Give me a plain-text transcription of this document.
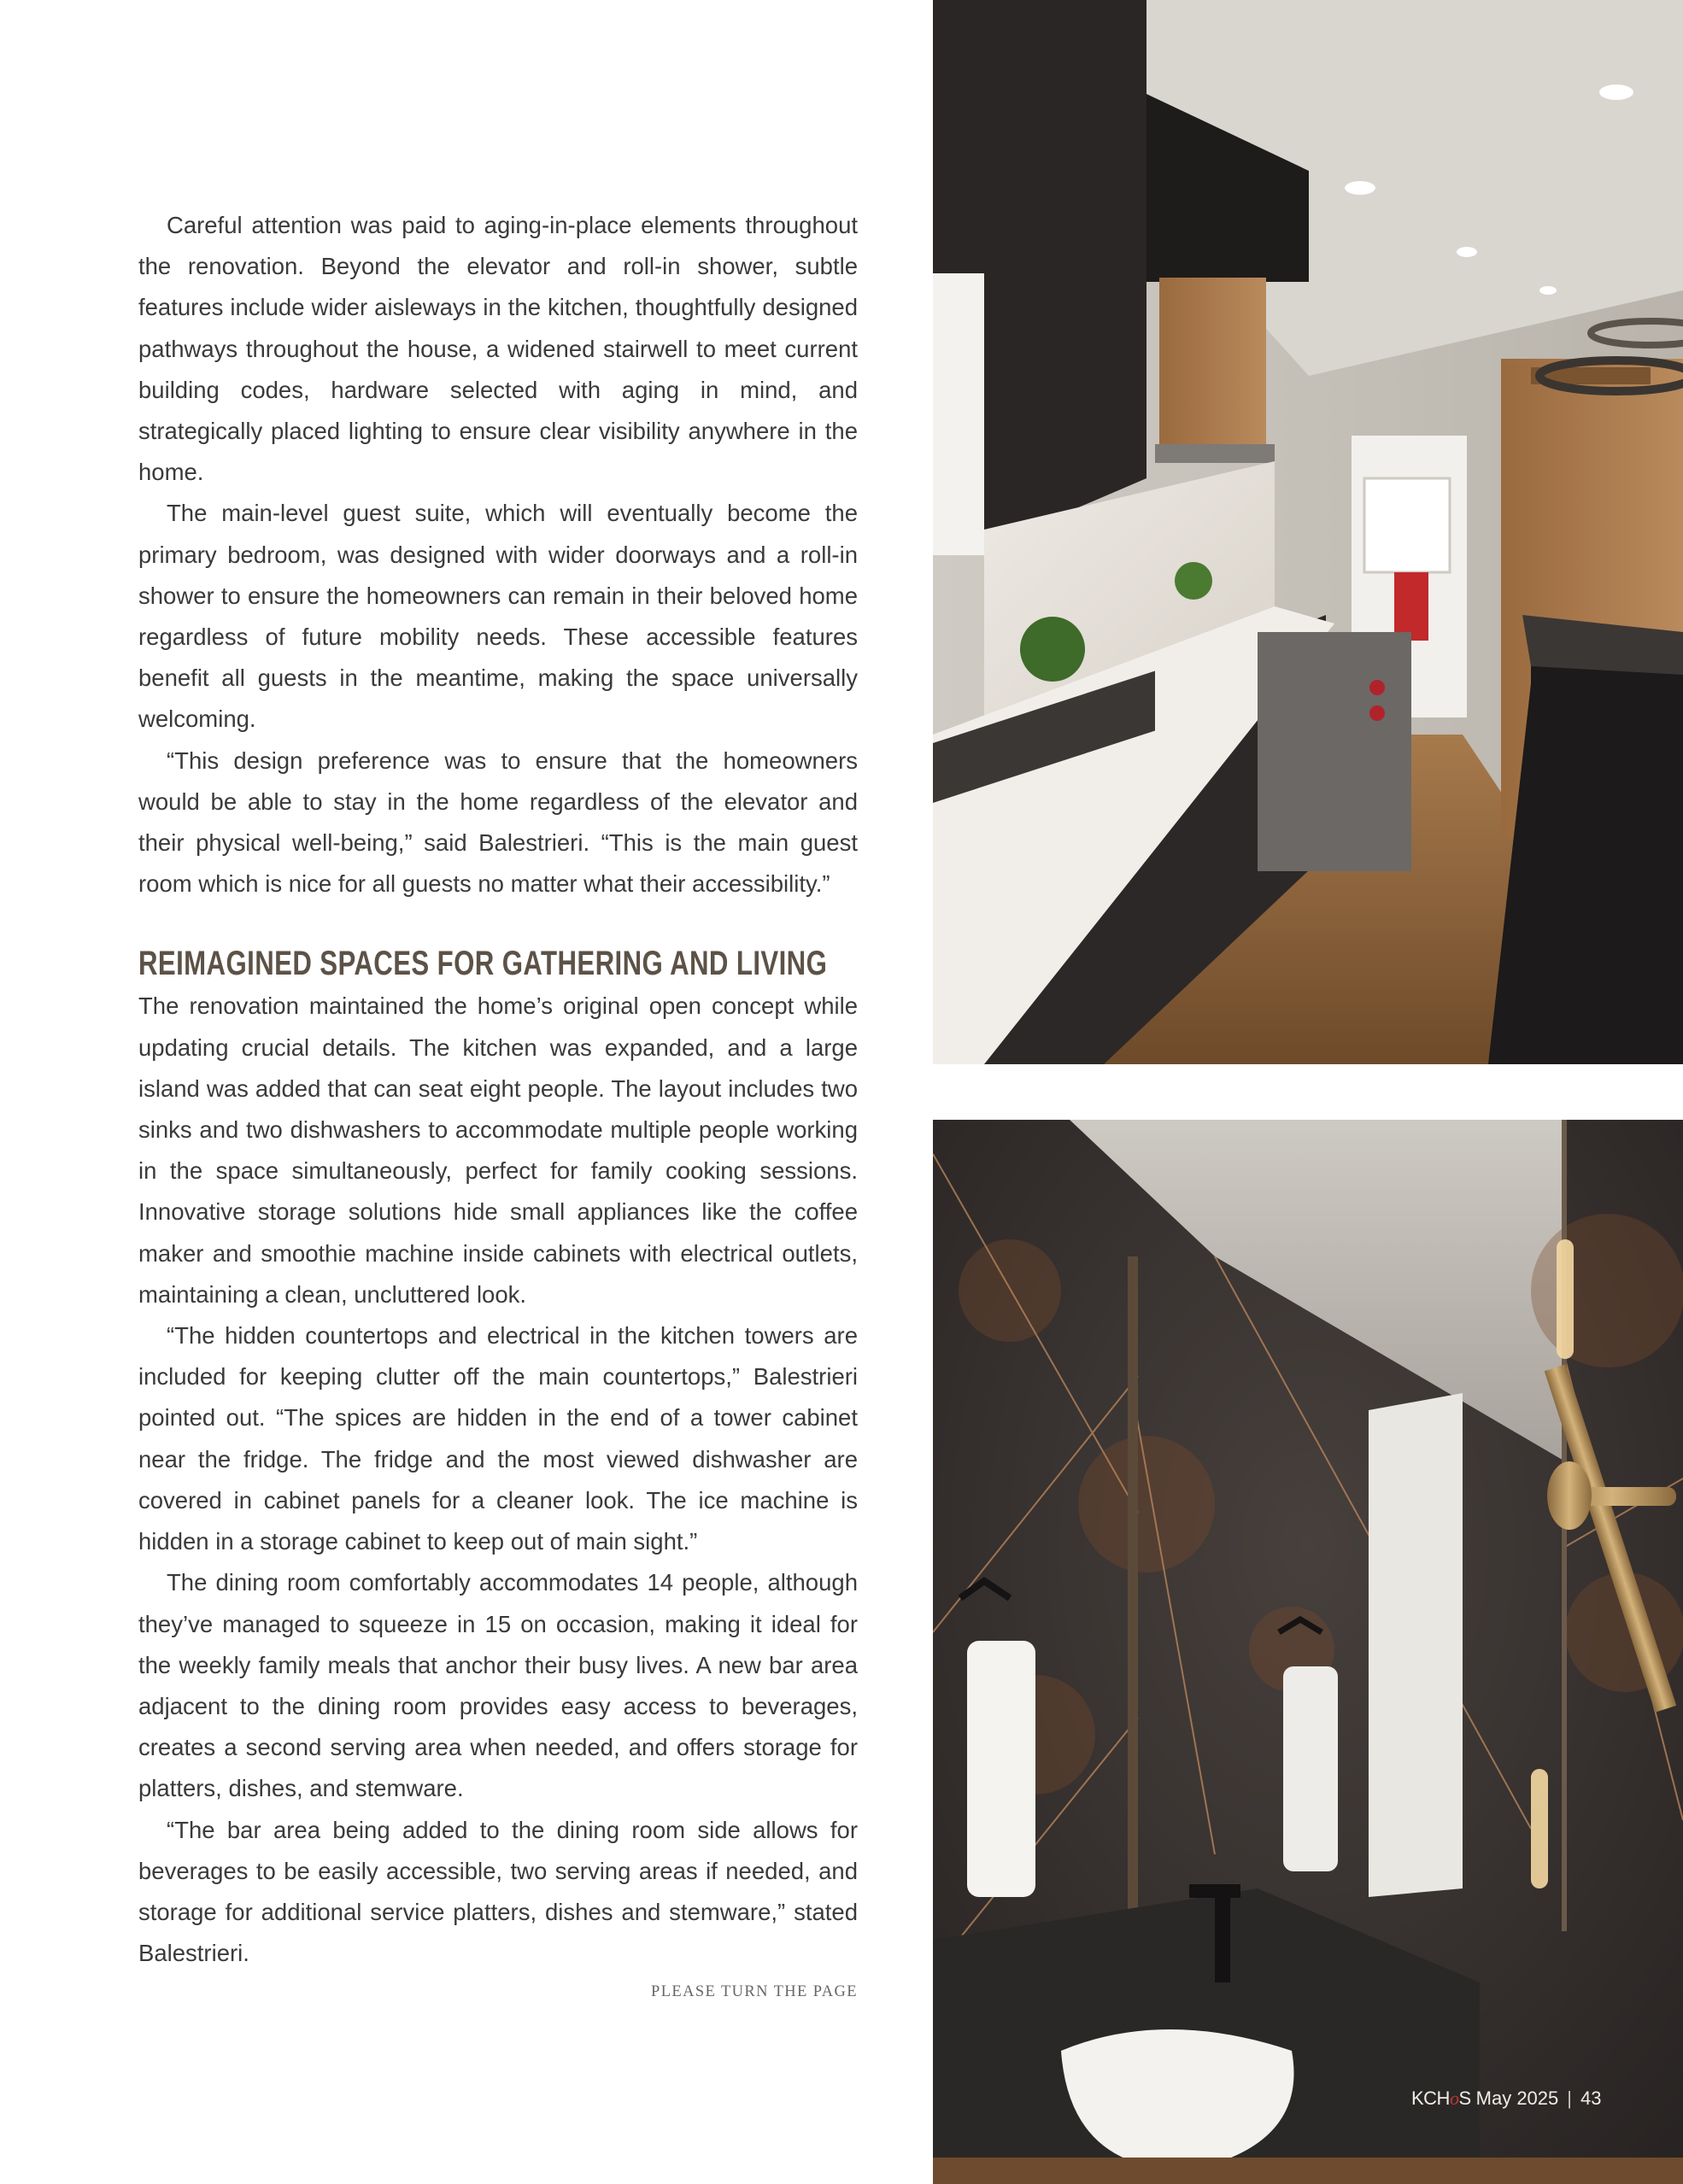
Careful attention was paid to aging-in-place elements throughout the renovation. Beyond the elevator and roll-in shower, subtle features include wider aisleways in the kitchen, thoughtfully designed pathways throughout the house, a widened stairwell to meet current building codes, hardware selected with aging in mind, and strategically placed lighting to ensure clear visibility anywhere in the home.

The main-level guest suite, which will eventually become the primary bedroom, was designed with wider doorways and a roll-in shower to ensure the homeowners can remain in their beloved home regardless of future mobility needs. These accessible features benefit all guests in the meantime, making the space universally welcoming.

“This design preference was to ensure that the homeowners would be able to stay in the home regardless of the elevator and their physical well-being,” said Balestrieri. “This is the main guest room which is nice for all guests no matter what their accessibility.”

REIMAGINED SPACES FOR GATHERING AND LIVING

The renovation maintained the home’s original open concept while updating crucial details. The kitchen was expanded, and a large island was added that can seat eight people. The layout includes two sinks and two dishwashers to accommodate multiple people working in the space simultaneously, perfect for family cooking sessions. Innovative storage solutions hide small appliances like the coffee maker and smoothie machine inside cabinets with electrical outlets, maintaining a clean, uncluttered look.

“The hidden countertops and electrical in the kitchen towers are included for keeping clutter off the main countertops,” Balestrieri pointed out. “The spices are hidden in the end of a tower cabinet near the fridge. The fridge and the most viewed dishwasher are covered in cabinet panels for a cleaner look. The ice machine is hidden in a storage cabinet to keep out of main sight.”

The dining room comfortably accommodates 14 people, although they’ve managed to squeeze in 15 on occasion, making it ideal for the weekly family meals that anchor their busy lives. A new bar area adjacent to the dining room provides easy access to beverages, creates a second serving area when needed, and offers storage for platters, dishes, and stemware.

“The bar area being added to the dining room side allows for beverages to be easily accessible, two serving areas if needed, and storage for additional service platters, dishes and stemware,” stated Balestrieri.

PLEASE TURN THE PAGE
KCHoS May 2025 | 43
